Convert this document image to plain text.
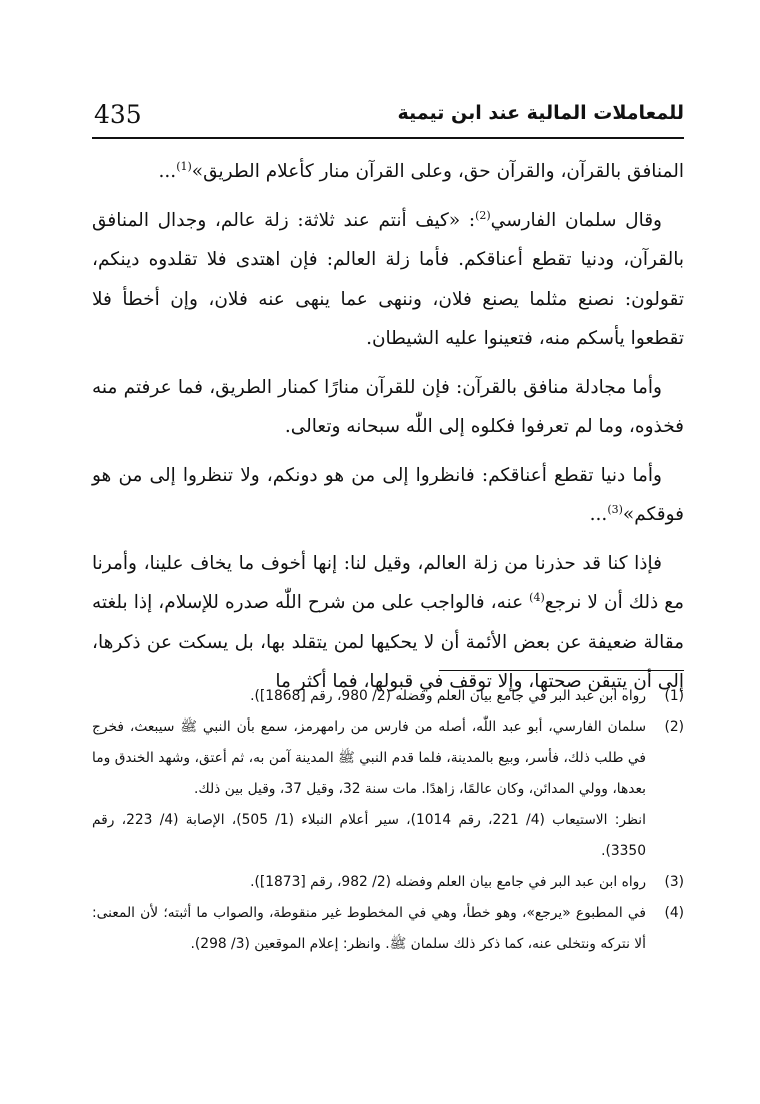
435	للمعاملات المالية عند ابن تيمية

المنافق بالقرآن، والقرآن حق، وعلى القرآن منار كأعلام الطريق»$^{(1)}$...

وقال سلمان الفارسي$^{(2)}$: «كيف أنتم عند ثلاثة: زلة عالم، وجدال المنافق بالقرآن، ودنيا تقطع أعناقكم. فأما زلة العالم: فإن اهتدى فلا تقلدوه دينكم، تقولون: نصنع مثلما يصنع فلان، وننهى عما ينهى عنه فلان، وإن أخطأ فلا تقطعوا يأسكم منه، فتعينوا عليه الشيطان.

وأما مجادلة منافق بالقرآن: فإن للقرآن منارًا كمنار الطريق، فما عرفتم منه فخذوه، وما لم تعرفوا فكلوه إلى اللّٰه سبحانه وتعالى.

وأما دنيا تقطع أعناقكم: فانظروا إلى من هو دونكم، ولا تنظروا إلى من هو فوقكم»$^{(3)}$...

فإذا كنا قد حذرنا من زلة العالم، وقيل لنا: إنها أخوف ما يخاف علينا، وأمرنا مع ذلك أن لا نرجع$^{(4)}$ عنه، فالواجب على من شرح اللّٰه صدره للإسلام، إذا بلغته مقالة ضعيفة عن بعض الأئمة أن لا يحكيها لمن يتقلد بها، بل يسكت عن ذكرها، إلى أن يتيقن صحتها، وإلا توقف في قبولها، فما أكثر ما

(1)
رواه ابن عبد البر في جامع بيان العلم وفضله (2/ 980، رقم [1868]).
(2)
سلمان الفارسي، أبو عبد اللّٰه، أصله من فارس من رامهرمز، سمع بأن النبي ﷺ سيبعث، فخرج في طلب ذلك، فأسر، وبيع بالمدينة، فلما قدم النبي ﷺ المدينة آمن به، ثم أعتق، وشهد الخندق وما بعدها، وولي المدائن، وكان عالمًا، زاهدًا. مات سنة 32، وقيل 37، وقيل بين ذلك.
انظر: الاستيعاب (4/ 221، رقم 1014)، سير أعلام النبلاء (1/ 505)، الإصابة (4/ 223، رقم 3350).
(3)
رواه ابن عبد البر في جامع بيان العلم وفضله (2/ 982، رقم [1873]).
(4)
في المطبوع «يرجع»، وهو خطأ، وهي في المخطوط غير منقوطة، والصواب ما أثبته؛ لأن المعنى: ألا نتركه ونتخلى عنه، كما ذكر ذلك سلمان ﷺ. وانظر: إعلام الموقعين (3/ 298).
